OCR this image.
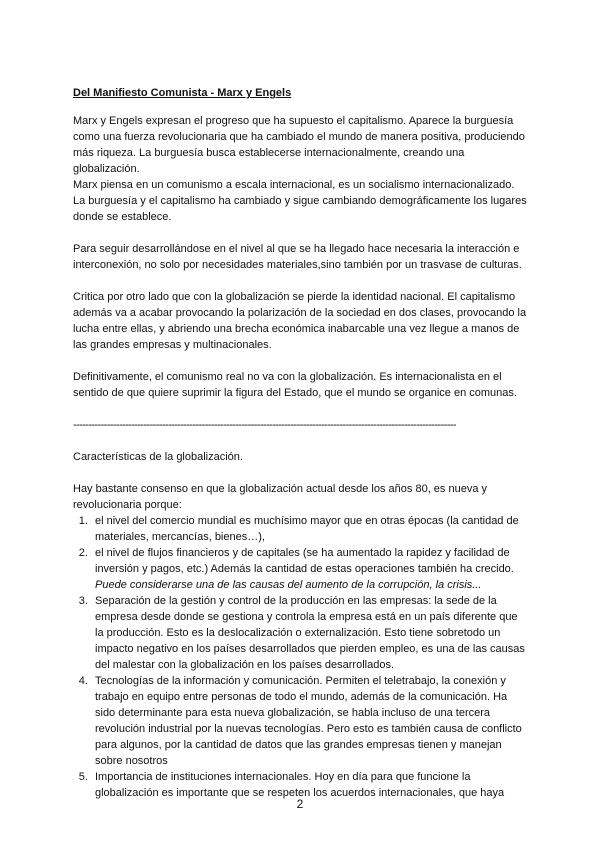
Del Manifiesto Comunista - Marx y Engels

Marx y Engels expresan el progreso que ha supuesto el capitalismo. Aparece la burguesía como una fuerza revolucionaria que ha cambiado el mundo de manera positiva, produciendo más riqueza. La burguesía busca establecerse internacionalmente, creando una globalización.

Marx piensa en un comunismo a escala internacional, es un socialismo internacionalizado. La burguesía y el capitalismo ha cambiado y sigue cambiando demográficamente los lugares donde se establece.

Para seguir desarrollándose en el nivel al que se ha llegado hace necesaria la interacción e interconexión, no solo por necesidades materiales,sino también por un trasvase de culturas.

Critica por otro lado que con la globalización se pierde la identidad nacional. El capitalismo además va a acabar provocando la polarización de la sociedad en dos clases, provocando la lucha entre ellas, y abriendo una brecha económica inabarcable una vez llegue a manos de las grandes empresas y multinacionales.

Definitivamente, el comunismo real no va con la globalización. Es internacionalista en el sentido de que quiere suprimir la figura del Estado, que el mundo se organice en comunas.

-----------------------------------------------------------------------------------------------------------------------------

Características de la globalización.

Hay bastante consenso en que la globalización actual desde los años 80, es nueva y revolucionaria porque:

1. el nivel del comercio mundial es muchísimo mayor que en otras épocas (la cantidad de materiales, mercancías, bienes…),
2. el nivel de flujos financieros y de capitales (se ha aumentado la rapidez y facilidad de inversión y pagos, etc.) Además la cantidad de estas operaciones también ha crecido. Puede considerarse una de las causas del aumento de la corrupción, la crisis...
3. Separación de la gestión y control de la producción en las empresas: la sede de la empresa desde donde se gestiona y controla la empresa está en un país diferente que la producción. Esto es la deslocalización o externalización. Esto tiene sobretodo un impacto negativo en los países desarrollados que pierden empleo, es una de las causas del malestar con la globalización en los países desarrollados.
4. Tecnologías de la información y comunicación. Permiten el teletrabajo, la conexión y trabajo en equipo entre personas de todo el mundo, además de la comunicación. Ha sido determinante para esta nueva globalización, se habla incluso de una tercera revolución industrial por la nuevas tecnologías. Pero esto es también causa de conflicto para algunos, por la cantidad de datos que las grandes empresas tienen y manejan sobre nosotros
5. Importancia de instituciones internacionales. Hoy en día para que funcione la globalización es importante que se respeten los acuerdos internacionales, que haya
2
